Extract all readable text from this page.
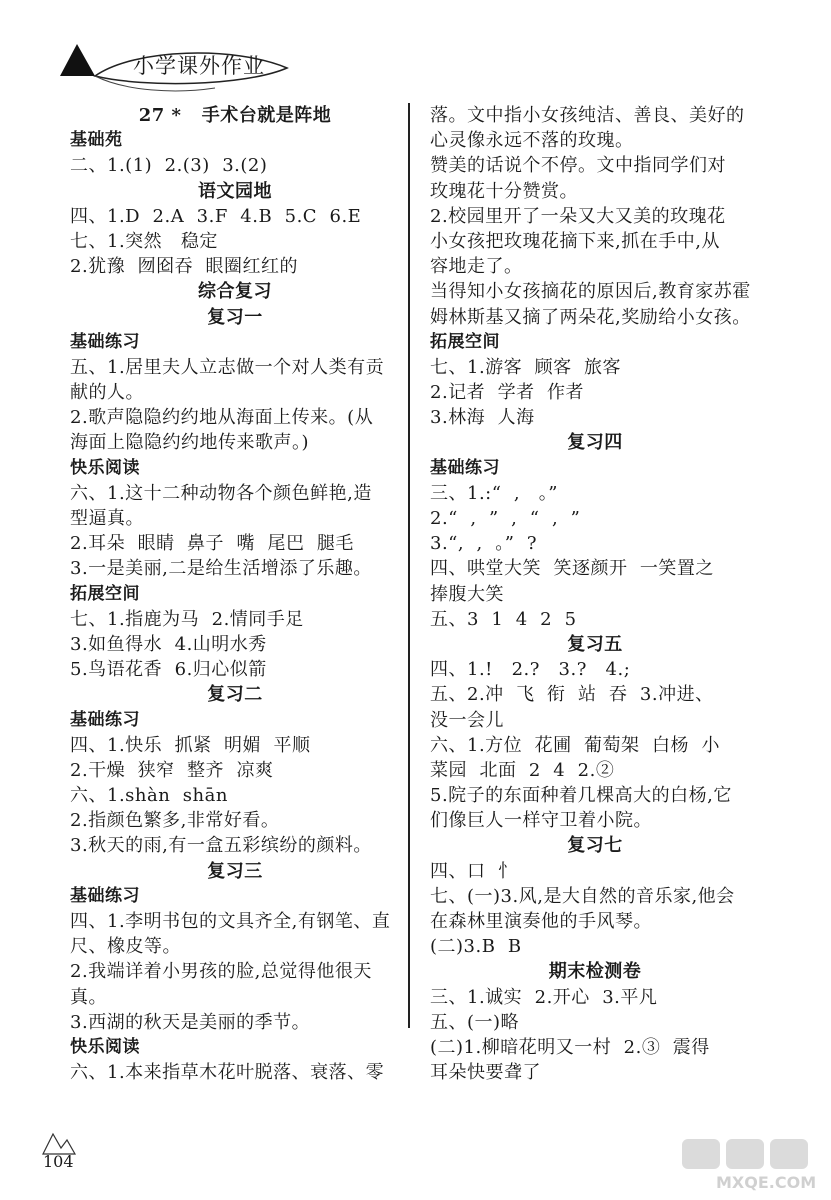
小学课外作业
27 *   手术台就是阵地
基础苑
二、1.(1)  2.(3)  3.(2)
语文园地
四、1.D  2.A  3.F  4.B  5.C  6.E
七、1.突然   稳定
2.犹豫  囫囵吞  眼圈红红的
综合复习
复习一
基础练习
五、1.居里夫人立志做一个对人类有贡
献的人。
2.歌声隐隐约约地从海面上传来。(从
海面上隐隐约约地传来歌声。)
快乐阅读
六、1.这十二种动物各个颜色鲜艳,造
型逼真。
2.耳朵  眼睛  鼻子  嘴  尾巴  腿毛
3.一是美丽,二是给生活增添了乐趣。
拓展空间
七、1.指鹿为马  2.情同手足
3.如鱼得水  4.山明水秀
5.鸟语花香  6.归心似箭
复习二
基础练习
四、1.快乐  抓紧  明媚  平顺
2.干燥  狭窄  整齐  凉爽
六、1.shàn  shān
2.指颜色繁多,非常好看。
3.秋天的雨,有一盒五彩缤纷的颜料。
复习三
基础练习
四、1.李明书包的文具齐全,有钢笔、直
尺、橡皮等。
2.我端详着小男孩的脸,总觉得他很天
真。
3.西湖的秋天是美丽的季节。
快乐阅读
六、1.本来指草木花叶脱落、衰落、零
落。文中指小女孩纯洁、善良、美好的
心灵像永远不落的玫瑰。
赞美的话说个不停。文中指同学们对
玫瑰花十分赞赏。
2.校园里开了一朵又大又美的玫瑰花
小女孩把玫瑰花摘下来,抓在手中,从
容地走了。
当得知小女孩摘花的原因后,教育家苏霍
姆林斯基又摘了两朵花,奖励给小女孩。
拓展空间
七、1.游客  顾客  旅客
2.记者  学者  作者
3.林海  人海
复习四
基础练习
三、1.:“  ,   。”
2.“  ,  ”  ,  “  ,  ”
3.“,  ,  。”  ?
四、哄堂大笑  笑逐颜开  一笑置之
捧腹大笑
五、3  1  4  2  5
复习五
四、1.!   2.?   3.?   4.;
五、2.冲  飞  衔  站  吞  3.冲进、
没一会儿
六、1.方位  花圃  葡萄架  白杨  小
菜园  北面  2  4  2.②
5.院子的东面种着几棵高大的白杨,它
们像巨人一样守卫着小院。
复习七
四、口  忄
七、(一)3.风,是大自然的音乐家,他会
在森林里演奏他的手风琴。
(二)3.B  B
期末检测卷
三、1.诚实  2.开心  3.平凡
五、(一)略
(二)1.柳暗花明又一村  2.③  震得
耳朵快要聋了
104
MXQE.COM
